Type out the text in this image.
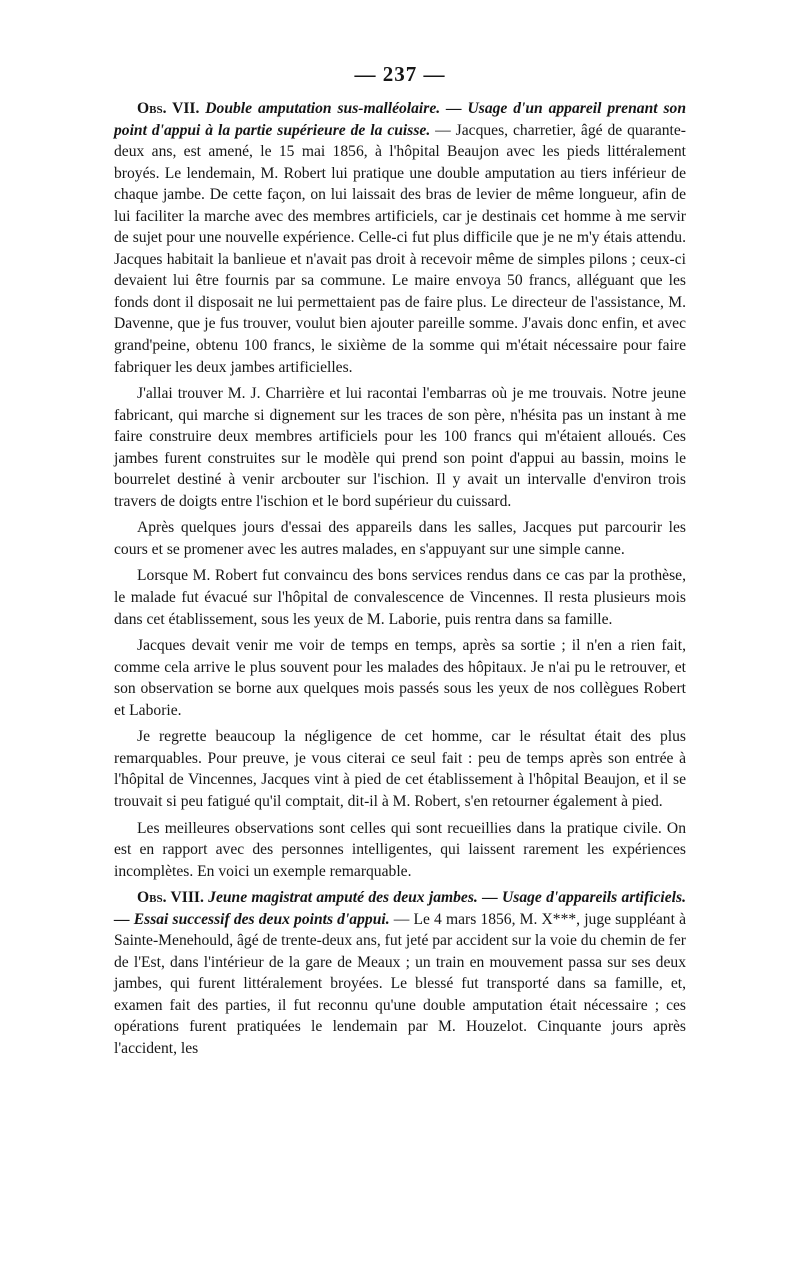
— 237 —

Obs. VII. Double amputation sus-malléolaire. — Usage d'un appareil prenant son point d'appui à la partie supérieure de la cuisse. — Jacques, charretier, âgé de quarante-deux ans, est amené, le 15 mai 1856, à l'hôpital Beaujon avec les pieds littéralement broyés. Le lendemain, M. Robert lui pratique une double amputation au tiers inférieur de chaque jambe. De cette façon, on lui laissait des bras de levier de même longueur, afin de lui faciliter la marche avec des membres artificiels, car je destinais cet homme à me servir de sujet pour une nouvelle expérience. Celle-ci fut plus difficile que je ne m'y étais attendu. Jacques habitait la banlieue et n'avait pas droit à recevoir même de simples pilons ; ceux-ci devaient lui être fournis par sa commune. Le maire envoya 50 francs, alléguant que les fonds dont il disposait ne lui permettaient pas de faire plus. Le directeur de l'assistance, M. Davenne, que je fus trouver, voulut bien ajouter pareille somme. J'avais donc enfin, et avec grand'peine, obtenu 100 francs, le sixième de la somme qui m'était nécessaire pour faire fabriquer les deux jambes artificielles.

J'allai trouver M. J. Charrière et lui racontai l'embarras où je me trouvais. Notre jeune fabricant, qui marche si dignement sur les traces de son père, n'hésita pas un instant à me faire construire deux membres artificiels pour les 100 francs qui m'étaient alloués. Ces jambes furent construites sur le modèle qui prend son point d'appui au bassin, moins le bourrelet destiné à venir arcbouter sur l'ischion. Il y avait un intervalle d'environ trois travers de doigts entre l'ischion et le bord supérieur du cuissard.

Après quelques jours d'essai des appareils dans les salles, Jacques put parcourir les cours et se promener avec les autres malades, en s'appuyant sur une simple canne.

Lorsque M. Robert fut convaincu des bons services rendus dans ce cas par la prothèse, le malade fut évacué sur l'hôpital de convalescence de Vincennes. Il resta plusieurs mois dans cet établissement, sous les yeux de M. Laborie, puis rentra dans sa famille.

Jacques devait venir me voir de temps en temps, après sa sortie ; il n'en a rien fait, comme cela arrive le plus souvent pour les malades des hôpitaux. Je n'ai pu le retrouver, et son observation se borne aux quelques mois passés sous les yeux de nos collègues Robert et Laborie.

Je regrette beaucoup la négligence de cet homme, car le résultat était des plus remarquables. Pour preuve, je vous citerai ce seul fait : peu de temps après son entrée à l'hôpital de Vincennes, Jacques vint à pied de cet établissement à l'hôpital Beaujon, et il se trouvait si peu fatigué qu'il comptait, dit-il à M. Robert, s'en retourner également à pied.

Les meilleures observations sont celles qui sont recueillies dans la pratique civile. On est en rapport avec des personnes intelligentes, qui laissent rarement les expériences incomplètes. En voici un exemple remarquable.

Obs. VIII. Jeune magistrat amputé des deux jambes. — Usage d'appareils artificiels. — Essai successif des deux points d'appui. — Le 4 mars 1856, M. X***, juge suppléant à Sainte-Menehould, âgé de trente-deux ans, fut jeté par accident sur la voie du chemin de fer de l'Est, dans l'intérieur de la gare de Meaux ; un train en mouvement passa sur ses deux jambes, qui furent littéralement broyées. Le blessé fut transporté dans sa famille, et, examen fait des parties, il fut reconnu qu'une double amputation était nécessaire ; ces opérations furent pratiquées le lendemain par M. Houzelot. Cinquante jours après l'accident, les
